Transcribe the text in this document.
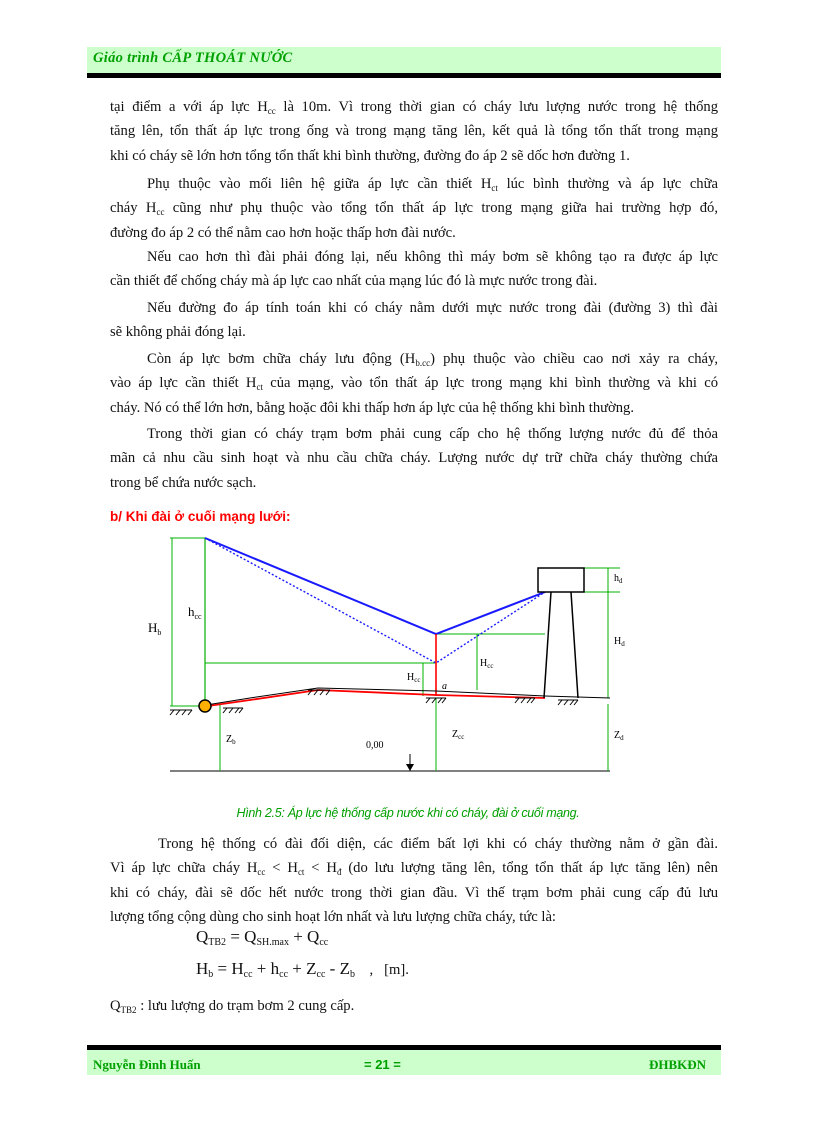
Giáo trình CẤP THOÁT NƯỚC

tại điểm a với áp lực $H_{cc}$ là 10m. Vì trong thời gian có cháy lưu lượng nước trong hệ thống
tăng lên, tổn thất áp lực trong ống và trong mạng tăng lên, kết quả là tổng tổn thất trong mạng
khi có cháy sẽ lớn hơn tổng tổn thất khi bình thường, đường đo áp 2 sẽ dốc hơn đường 1.

Phụ thuộc vào mối liên hệ giữa áp lực cần thiết $H_{ct}$ lúc bình thường và áp lực chữa
cháy $H_{cc}$ cũng như phụ thuộc vào tổng tổn thất áp lực trong mạng giữa hai trường hợp đó,
đường đo áp 2 có thể nằm cao hơn hoặc thấp hơn đài nước.

Nếu cao hơn thì đài phải đóng lại, nếu không thì máy bơm sẽ không tạo ra được áp lực
cần thiết để chống cháy mà áp lực cao nhất của mạng lúc đó là mực nước trong đài.

Nếu đường đo áp tính toán khi có cháy nằm dưới mực nước trong đài (đường 3) thì đài
sẽ không phải đóng lại.

Còn áp lực bơm chữa cháy lưu động $(H_{b.cc})$ phụ thuộc vào chiều cao nơi xảy ra cháy,
vào áp lực cần thiết $H_{ct}$ của mạng, vào tổn thất áp lực trong mạng khi bình thường và khi có
cháy. Nó có thể lớn hơn, bằng hoặc đôi khi thấp hơn áp lực của hệ thống khi bình thường.

Trong thời gian có cháy trạm bơm phải cung cấp cho hệ thống lượng nước đủ để thỏa
mãn cả nhu cầu sinh hoạt và nhu cầu chữa cháy. Lượng nước dự trữ chữa cháy thường chứa
trong bể chứa nước sạch.

b/ Khi đài ở cuối mạng lưới:

$H_b$
$h_{cc}$
$H_{cc}$
$H_{cc}$
$h_d$
$H_d$
$Z_b$
$Z_{cc}$	$Z_d$
0,00
a

Hình 2.5: Áp lực hệ thống cấp nước khi có cháy, đài ở cuối mạng.

Trong hệ thống có đài đối diện, các điểm bất lợi khi có cháy thường nằm ở gần đài.
Vì áp lực chữa cháy $H_{cc} < H_{ct} < H_đ$ (do lưu lượng tăng lên, tổng tổn thất áp lực tăng lên) nên
khi có cháy, đài sẽ dốc hết nước trong thời gian đầu. Vì thế trạm bơm phải cung cấp đủ lưu
lượng tổng cộng dùng cho sinh hoạt lớn nhất và lưu lượng chữa cháy, tức là:

$Q_{TB2} = Q_{SH.max} + Q_{cc}$

$H_b = H_{cc} + h_{cc} + Z_{cc} - Z_b$    ,   [m].

$Q_{TB2}$ : lưu lượng do trạm bơm 2 cung cấp.

Nguyễn Đình Huấn	= 21 =	ĐHBKĐN
